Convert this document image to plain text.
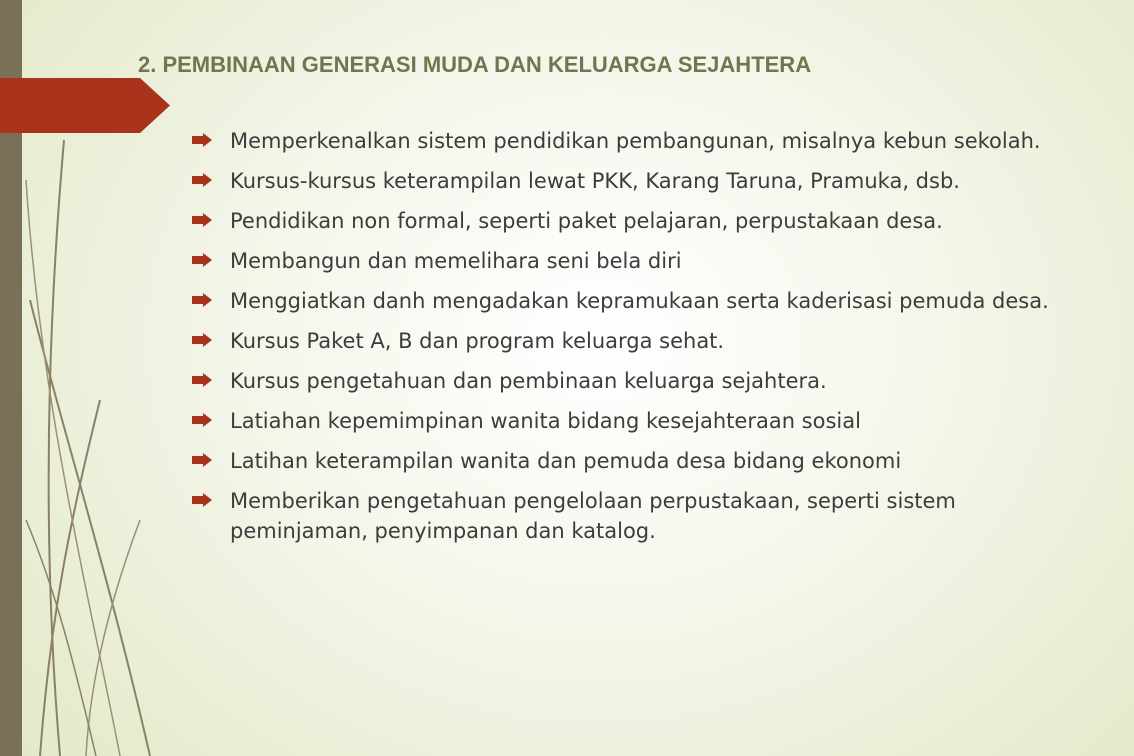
2. PEMBINAAN GENERASI MUDA DAN KELUARGA SEJAHTERA
Memperkenalkan sistem pendidikan pembangunan, misalnya kebun sekolah.
Kursus-kursus keterampilan lewat PKK, Karang Taruna, Pramuka, dsb.
Pendidikan non formal, seperti paket pelajaran, perpustakaan desa.
Membangun dan memelihara seni bela diri
Menggiatkan danh mengadakan kepramukaan serta kaderisasi pemuda desa.
Kursus Paket A, B dan program keluarga sehat.
Kursus pengetahuan dan pembinaan keluarga sejahtera.
Latiahan kepemimpinan wanita bidang kesejahteraan sosial
Latihan keterampilan wanita dan pemuda desa bidang ekonomi
Memberikan pengetahuan pengelolaan perpustakaan, seperti sistem peminjaman, penyimpanan dan katalog.
